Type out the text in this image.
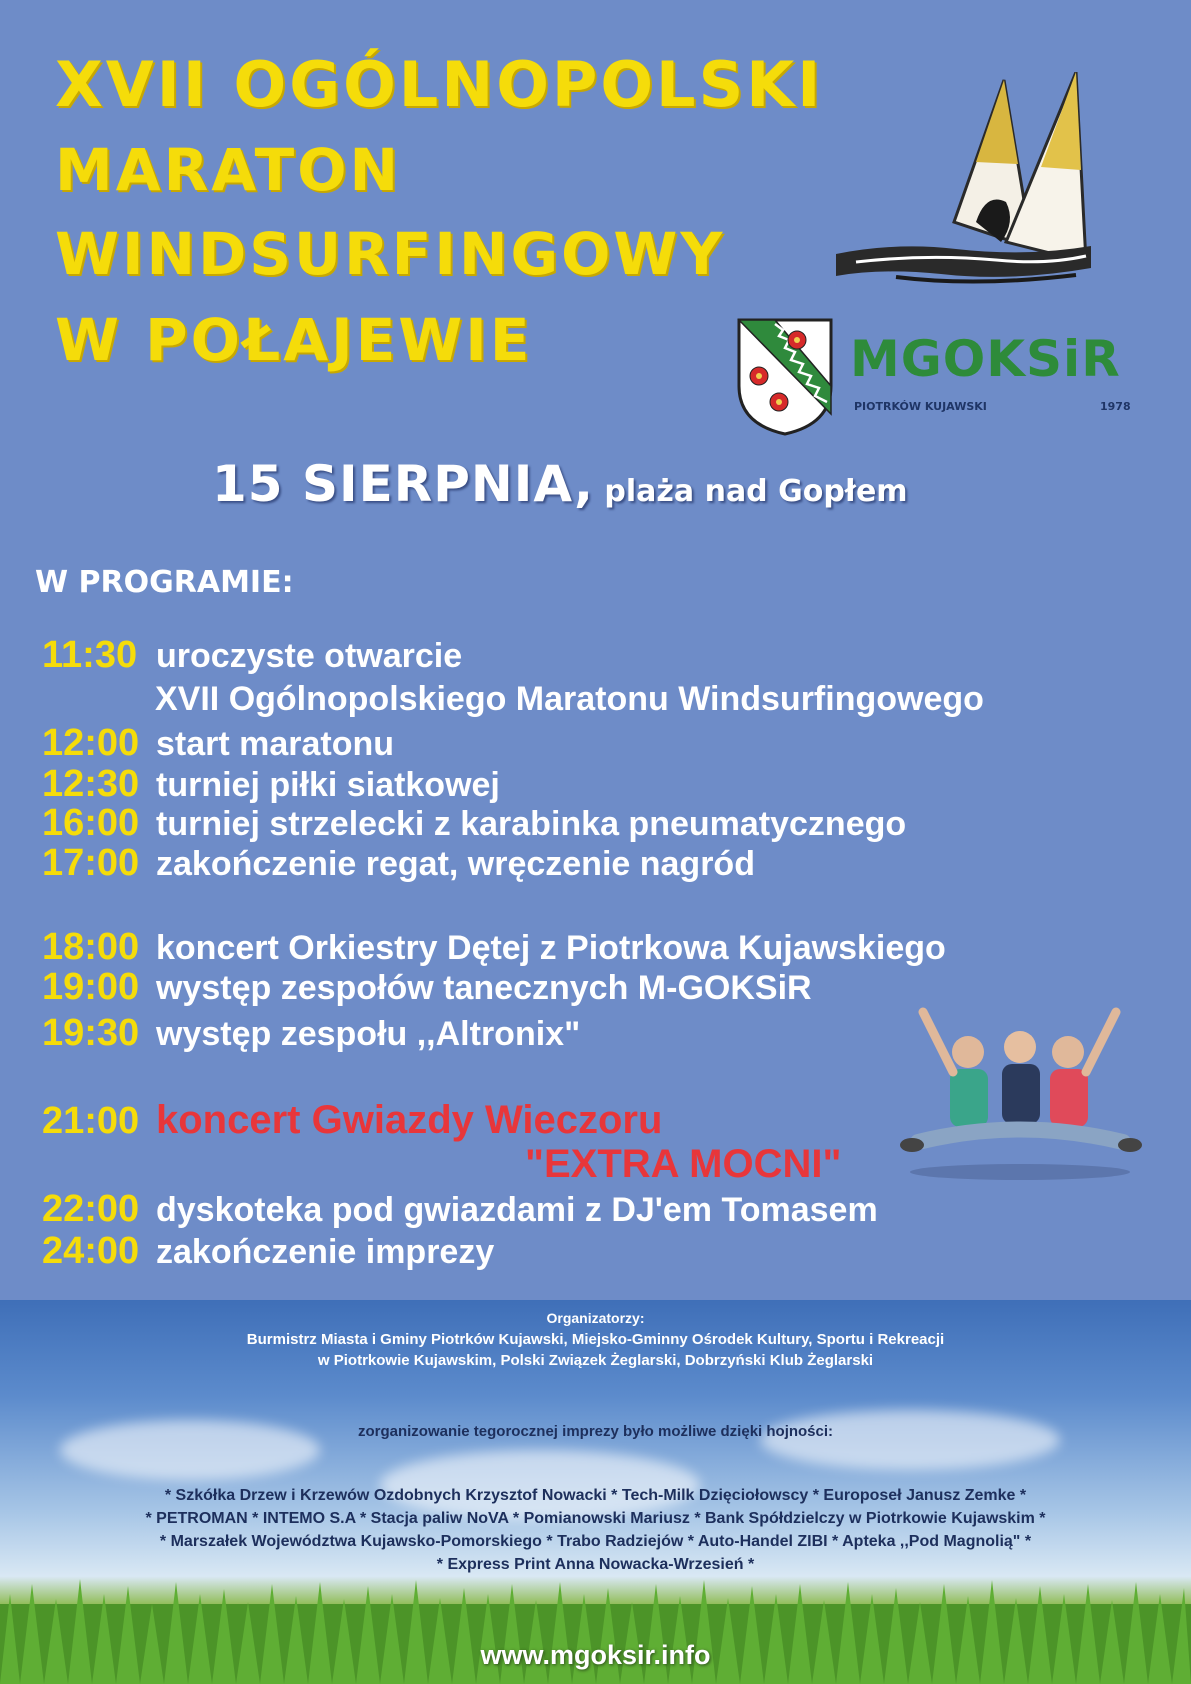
XVII OGÓLNOPOLSKI
MARATON
WINDSURFINGOWY
W POŁAJEWIE	MGOKSiR
PIOTRKÓW KUJAWSKI	1978

15 SIERPNIA, plaża nad Gopłem

W PROGRAMIE:

11:30 uroczyste otwarcie
XVII Ogólnopolskiego Maratonu Windsurfingowego
12:00 start maratonu
12:30 turniej piłki siatkowej
16:00 turniej strzelecki z karabinka pneumatycznego
17:00 zakończenie regat, wręczenie nagród
18:00 koncert Orkiestry Dętej z Piotrkowa Kujawskiego
19:00 występ zespołów tanecznych M-GOKSiR
19:30 występ zespołu ,,Altronix"
21:00 koncert Gwiazdy Wieczoru
"EXTRA MOCNI"
22:00 dyskoteka pod gwiazdami z DJ'em Tomasem
24:00 zakończenie imprezy

Organizatorzy:

Burmistrz Miasta i Gminy Piotrków Kujawski, Miejsko-Gminny Ośrodek Kultury, Sportu i Rekreacji

w Piotrkowie Kujawskim, Polski Związek Żeglarski, Dobrzyński Klub Żeglarski

zorganizowanie tegorocznej imprezy było możliwe dzięki hojności:

* Szkółka Drzew i Krzewów Ozdobnych Krzysztof Nowacki * Tech-Milk Dzięciołowscy * Europoseł Janusz Zemke *

* PETROMAN * INTEMO S.A * Stacja paliw NoVA * Pomianowski Mariusz * Bank Spółdzielczy w Piotrkowie Kujawskim *

* Marszałek Województwa Kujawsko-Pomorskiego * Trabo Radziejów * Auto-Handel ZIBI * Apteka ,,Pod Magnolią" *

* Express Print Anna Nowacka-Wrzesień *

www.mgoksir.info
